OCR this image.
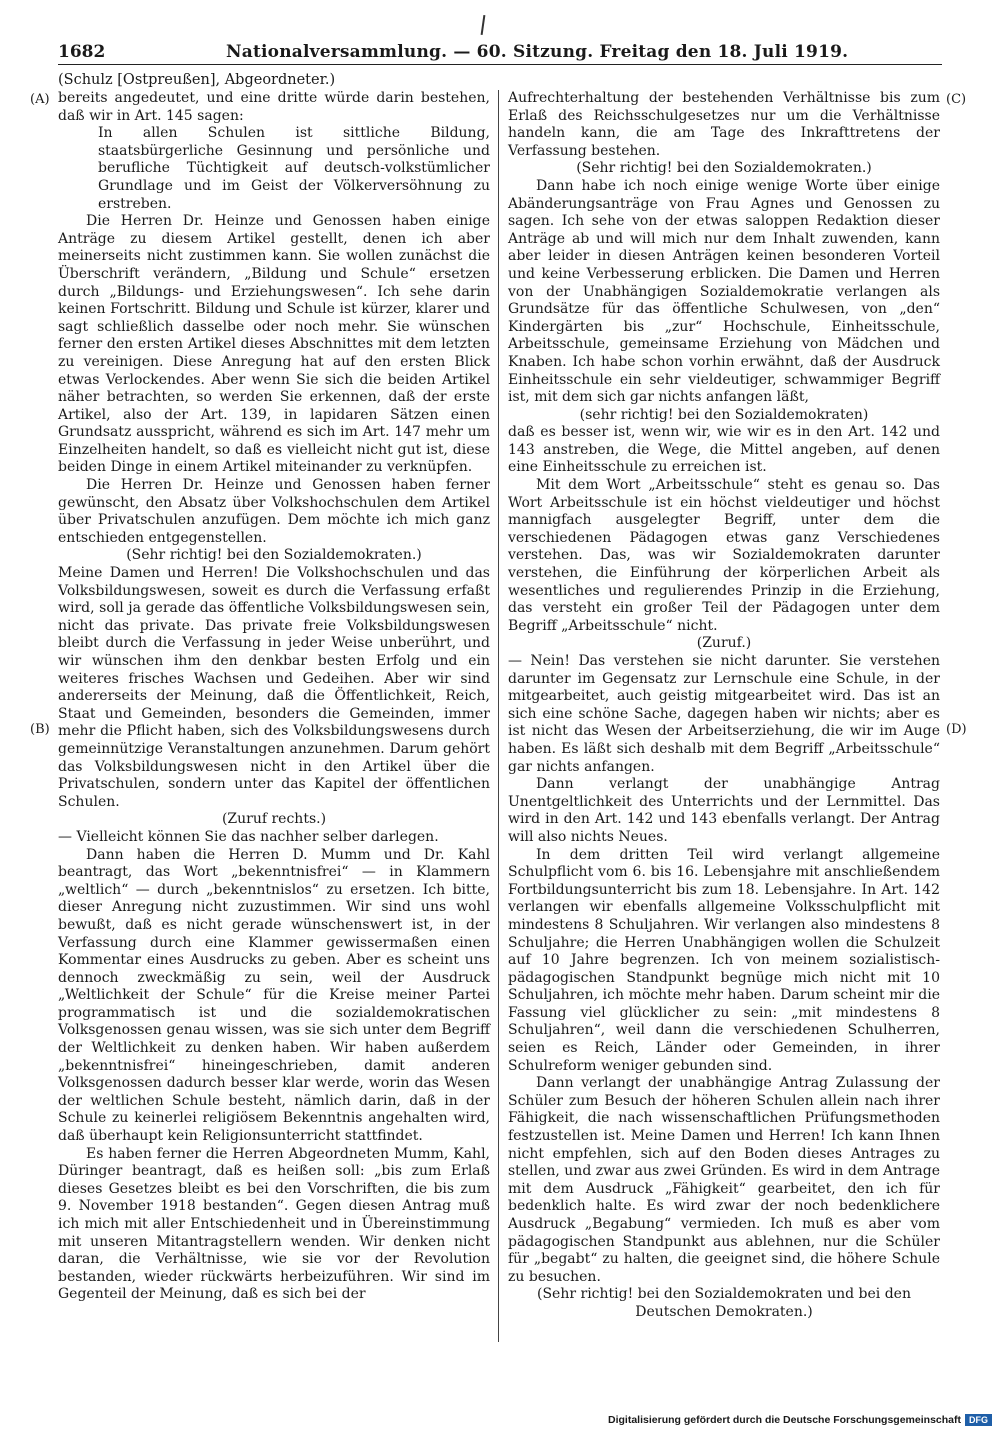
1682	Nationalversammlung. — 60. Sitzung. Freitag den 18. Juli 1919.
(Schulz [Ostpreußen], Abgeordneter.)
(A)
(B)
(C)
(D)

bereits angedeutet, und eine dritte würde darin bestehen, daß wir in Art. 145 sagen:

In allen Schulen ist sittliche Bildung, staatsbürgerliche Gesinnung und persönliche und berufliche Tüchtigkeit auf deutsch-volkstümlicher Grundlage und im Geist der Völkerversöhnung zu erstreben.

Die Herren Dr. Heinze und Genossen haben einige Anträge zu diesem Artikel gestellt, denen ich aber meinerseits nicht zustimmen kann. Sie wollen zunächst die Überschrift verändern, „Bildung und Schule“ ersetzen durch „Bildungs- und Erziehungswesen“. Ich sehe darin keinen Fortschritt. Bildung und Schule ist kürzer, klarer und sagt schließlich dasselbe oder noch mehr. Sie wünschen ferner den ersten Artikel dieses Abschnittes mit dem letzten zu vereinigen. Diese Anregung hat auf den ersten Blick etwas Verlockendes. Aber wenn Sie sich die beiden Artikel näher betrachten, so werden Sie erkennen, daß der erste Artikel, also der Art. 139, in lapidaren Sätzen einen Grundsatz ausspricht, während es sich im Art. 147 mehr um Einzelheiten handelt, so daß es vielleicht nicht gut ist, diese beiden Dinge in einem Artikel miteinander zu verknüpfen.

Die Herren Dr. Heinze und Genossen haben ferner gewünscht, den Absatz über Volkshochschulen dem Artikel über Privatschulen anzufügen. Dem möchte ich mich ganz entschieden entgegenstellen.

(Sehr richtig! bei den Sozialdemokraten.)

Meine Damen und Herren! Die Volkshochschulen und das Volksbildungswesen, soweit es durch die Verfassung erfaßt wird, soll ja gerade das öffentliche Volksbildungswesen sein, nicht das private. Das private freie Volksbildungswesen bleibt durch die Verfassung in jeder Weise unberührt, und wir wünschen ihm den denkbar besten Erfolg und ein weiteres frisches Wachsen und Gedeihen. Aber wir sind andererseits der Meinung, daß die Öffentlichkeit, Reich, Staat und Gemeinden, besonders die Gemeinden, immer mehr die Pflicht haben, sich des Volksbildungswesens durch gemeinnützige Veranstaltungen anzunehmen. Darum gehört das Volksbildungswesen nicht in den Artikel über die Privatschulen, sondern unter das Kapitel der öffentlichen Schulen.

(Zuruf rechts.)

— Vielleicht können Sie das nachher selber darlegen.

Dann haben die Herren D. Mumm und Dr. Kahl beantragt, das Wort „bekenntnisfrei“ — in Klammern „weltlich“ — durch „bekenntnislos“ zu ersetzen. Ich bitte, dieser Anregung nicht zuzustimmen. Wir sind uns wohl bewußt, daß es nicht gerade wünschenswert ist, in der Verfassung durch eine Klammer gewissermaßen einen Kommentar eines Ausdrucks zu geben. Aber es scheint uns dennoch zweckmäßig zu sein, weil der Ausdruck „Weltlichkeit der Schule“ für die Kreise meiner Partei programmatisch ist und die sozialdemokratischen Volksgenossen genau wissen, was sie sich unter dem Begriff der Weltlichkeit zu denken haben. Wir haben außerdem „bekenntnisfrei“ hineingeschrieben, damit anderen Volksgenossen dadurch besser klar werde, worin das Wesen der weltlichen Schule besteht, nämlich darin, daß in der Schule zu keinerlei religiösem Bekenntnis angehalten wird, daß überhaupt kein Religionsunterricht stattfindet.

Es haben ferner die Herren Abgeordneten Mumm, Kahl, Düringer beantragt, daß es heißen soll: „bis zum Erlaß dieses Gesetzes bleibt es bei den Vorschriften, die bis zum 9. November 1918 bestanden“. Gegen diesen Antrag muß ich mich mit aller Entschiedenheit und in Übereinstimmung mit unseren Mitantragstellern wenden. Wir denken nicht daran, die Verhältnisse, wie sie vor der Revolution bestanden, wieder rückwärts herbeizuführen. Wir sind im Gegenteil der Meinung, daß es sich bei der

Aufrechterhaltung der bestehenden Verhältnisse bis zum Erlaß des Reichsschulgesetzes nur um die Verhältnisse handeln kann, die am Tage des Inkrafttretens der Verfassung bestehen.

(Sehr richtig! bei den Sozialdemokraten.)

Dann habe ich noch einige wenige Worte über einige Abänderungsanträge von Frau Agnes und Genossen zu sagen. Ich sehe von der etwas saloppen Redaktion dieser Anträge ab und will mich nur dem Inhalt zuwenden, kann aber leider in diesen Anträgen keinen besonderen Vorteil und keine Verbesserung erblicken. Die Damen und Herren von der Unabhängigen Sozialdemokratie verlangen als Grundsätze für das öffentliche Schulwesen, von „den“ Kindergärten bis „zur“ Hochschule, Einheitsschule, Arbeitsschule, gemeinsame Erziehung von Mädchen und Knaben. Ich habe schon vorhin erwähnt, daß der Ausdruck Einheitsschule ein sehr vieldeutiger, schwammiger Begriff ist, mit dem sich gar nichts anfangen läßt,

(sehr richtig! bei den Sozialdemokraten)

daß es besser ist, wenn wir, wie wir es in den Art. 142 und 143 anstreben, die Wege, die Mittel angeben, auf denen eine Einheitsschule zu erreichen ist.

Mit dem Wort „Arbeitsschule“ steht es genau so. Das Wort Arbeitsschule ist ein höchst vieldeutiger und höchst mannigfach ausgelegter Begriff, unter dem die verschiedenen Pädagogen etwas ganz Verschiedenes verstehen. Das, was wir Sozialdemokraten darunter verstehen, die Einführung der körperlichen Arbeit als wesentliches und regulierendes Prinzip in die Erziehung, das versteht ein großer Teil der Pädagogen unter dem Begriff „Arbeitsschule“ nicht.

(Zuruf.)

— Nein! Das verstehen sie nicht darunter. Sie verstehen darunter im Gegensatz zur Lernschule eine Schule, in der mitgearbeitet, auch geistig mitgearbeitet wird. Das ist an sich eine schöne Sache, dagegen haben wir nichts; aber es ist nicht das Wesen der Arbeitserziehung, die wir im Auge haben. Es läßt sich deshalb mit dem Begriff „Arbeitsschule“ gar nichts anfangen.

Dann verlangt der unabhängige Antrag Unentgeltlichkeit des Unterrichts und der Lernmittel. Das wird in den Art. 142 und 143 ebenfalls verlangt. Der Antrag will also nichts Neues.

In dem dritten Teil wird verlangt allgemeine Schulpflicht vom 6. bis 16. Lebensjahre mit anschließendem Fortbildungsunterricht bis zum 18. Lebensjahre. In Art. 142 verlangen wir ebenfalls allgemeine Volksschulpflicht mit mindestens 8 Schuljahren. Wir verlangen also mindestens 8 Schuljahre; die Herren Unabhängigen wollen die Schulzeit auf 10 Jahre begrenzen. Ich von meinem sozialistisch-pädagogischen Standpunkt begnüge mich nicht mit 10 Schuljahren, ich möchte mehr haben. Darum scheint mir die Fassung viel glücklicher zu sein: „mit mindestens 8 Schuljahren“, weil dann die verschiedenen Schulherren, seien es Reich, Länder oder Gemeinden, in ihrer Schulreform weniger gebunden sind.

Dann verlangt der unabhängige Antrag Zulassung der Schüler zum Besuch der höheren Schulen allein nach ihrer Fähigkeit, die nach wissenschaftlichen Prüfungsmethoden festzustellen ist. Meine Damen und Herren! Ich kann Ihnen nicht empfehlen, sich auf den Boden dieses Antrages zu stellen, und zwar aus zwei Gründen. Es wird in dem Antrage mit dem Ausdruck „Fähigkeit“ gearbeitet, den ich für bedenklich halte. Es wird zwar der noch bedenklichere Ausdruck „Begabung“ vermieden. Ich muß es aber vom pädagogischen Standpunkt aus ablehnen, nur die Schüler für „begabt“ zu halten, die geeignet sind, die höhere Schule zu besuchen.

(Sehr richtig! bei den Sozialdemokraten und bei den Deutschen Demokraten.)

Digitalisierung gefördert durch die Deutsche Forschungsgemeinschaft DFG
